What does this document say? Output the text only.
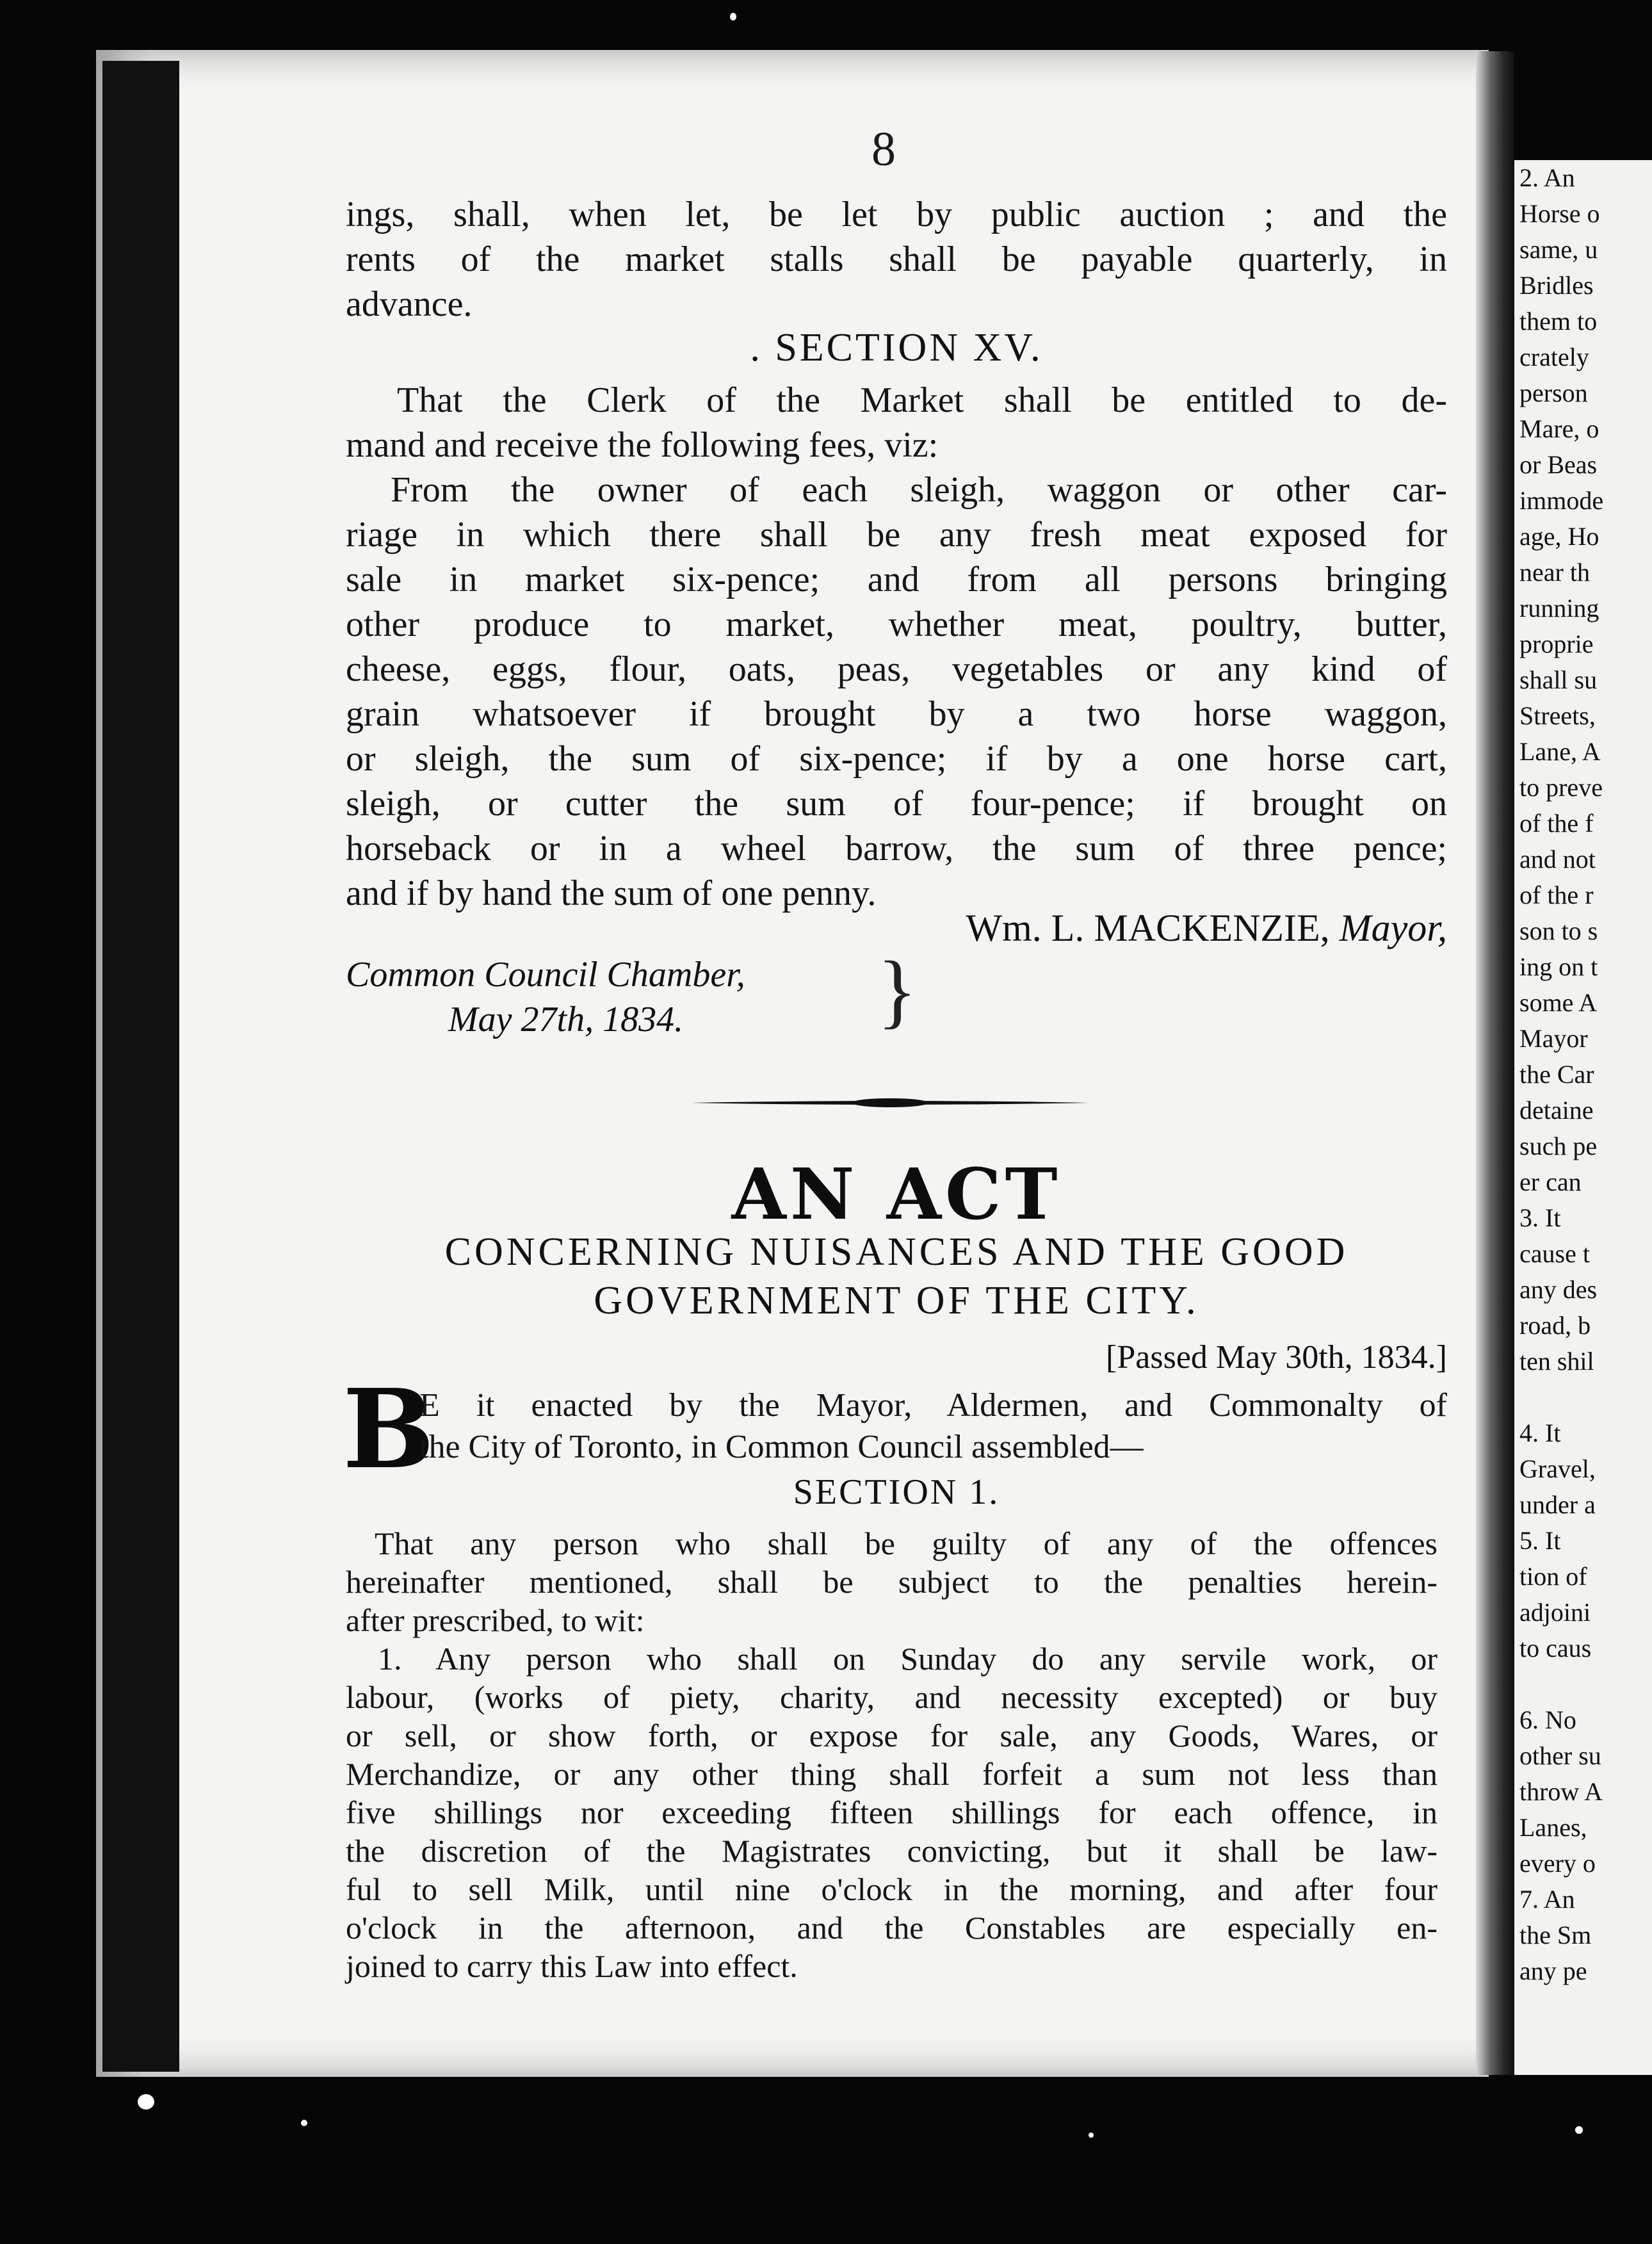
2. An
Horse o
same, u
Bridles
them to
crately
person
Mare, o
or Beas
immode
age, Ho
near th
running
proprie
shall su
Streets,
Lane, A
to preve
of the f
and not
of the r
son to s
ing on t
some A
Mayor
the Car
detaine
such pe
er can
3. It
cause t
any des
road, b
ten shil

4. It
Gravel,
under a
5. It
tion of
adjoini
to caus

6. No
other su
throw A
Lanes,
every o
7. An
the Sm
any pe
8
ings, shall, when let, be let by public auction ; and the
rents of the market stalls shall be payable quarterly, in
advance.
. SECTION XV.
That the Clerk of the Market shall be entitled to de-
mand and receive the following fees, viz:
From the owner of each sleigh, waggon or other car-
riage in which there shall be any fresh meat exposed for
sale in market six-pence; and from all persons bringing
other produce to market, whether meat, poultry, butter,
cheese, eggs, flour, oats, peas, vegetables or any kind of
grain whatsoever if brought by a two horse waggon,
or sleigh, the sum of six-pence; if by a one horse cart,
sleigh, or cutter the sum of four-pence; if brought on
horseback or in a wheel barrow, the sum of three pence;
and if by hand the sum of one penny.
Wm. L. MACKENZIE, Mayor,
Common Council Chamber,
May 27th, 1834. }
AN ACT
CONCERNING NUISANCES AND THE GOOD
GOVERNMENT OF THE CITY.
[Passed May 30th, 1834.]
B
E it enacted by the Mayor, Aldermen, and Commonalty of
the City of Toronto, in Common Council assembled—
SECTION 1.
That any person who shall be guilty of any of the offences
hereinafter mentioned, shall be subject to the penalties herein-
after prescribed, to wit:
1. Any person who shall on Sunday do any servile work, or
labour, (works of piety, charity, and necessity excepted) or buy
or sell, or show forth, or expose for sale, any Goods, Wares, or
Merchandize, or any other thing shall forfeit a sum not less than
five shillings nor exceeding fifteen shillings for each offence, in
the discretion of the Magistrates convicting, but it shall be law-
ful to sell Milk, until nine o'clock in the morning, and after four
o'clock in the afternoon, and the Constables are especially en-
joined to carry this Law into effect.
